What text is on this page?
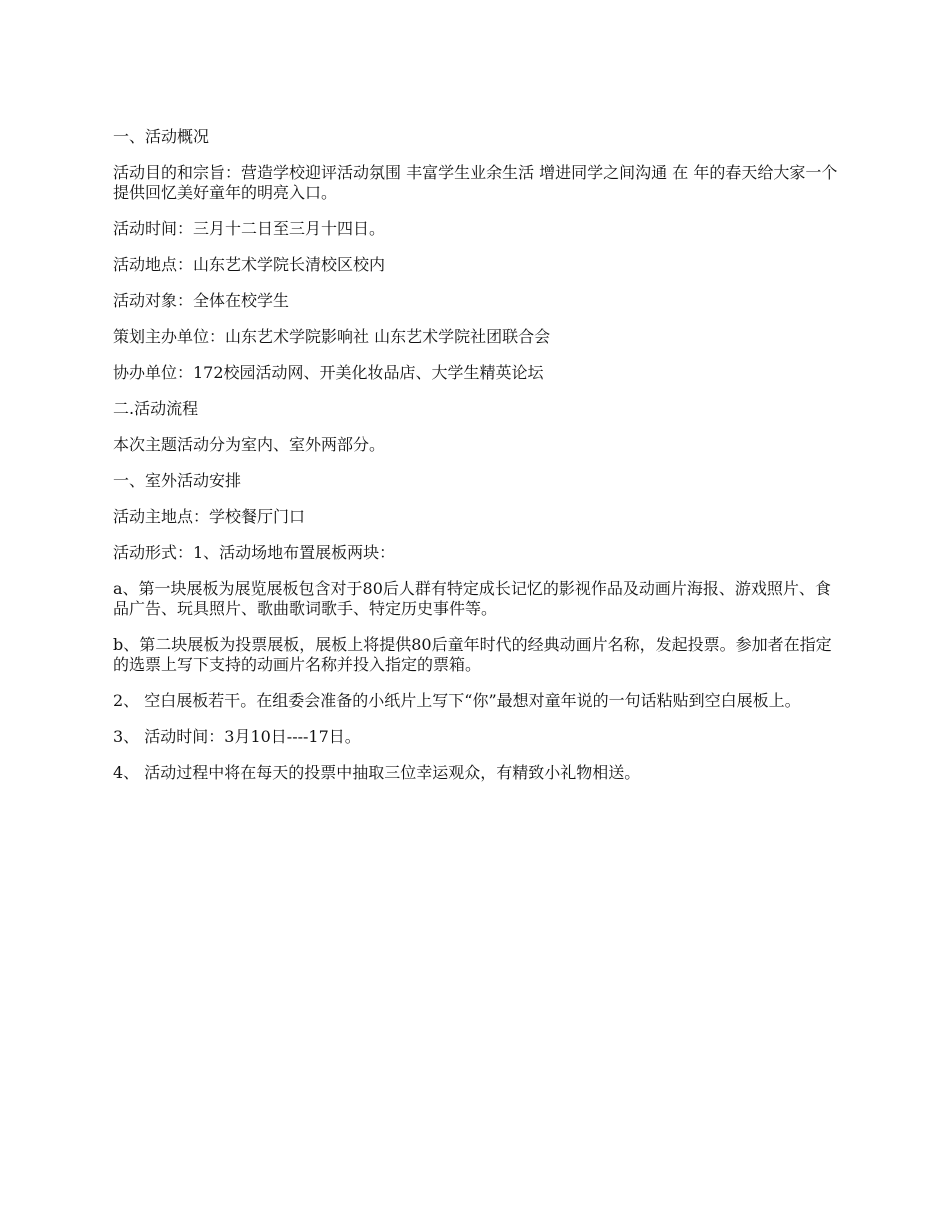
一、活动概况

活动目的和宗旨：营造学校迎评活动氛围 丰富学生业余生活 增进同学之间沟通 在 年的春天给大家一个提供回忆美好童年的明亮入口。

活动时间：三月十二日至三月十四日。

活动地点：山东艺术学院长清校区校内

活动对象：全体在校学生

策划主办单位：山东艺术学院影响社 山东艺术学院社团联合会

协办单位：172校园活动网、开美化妆品店、大学生精英论坛

二.活动流程

本次主题活动分为室内、室外两部分。

一、室外活动安排

活动主地点：学校餐厅门口

活动形式：1、活动场地布置展板两块：

a、第一块展板为展览展板包含对于80后人群有特定成长记忆的影视作品及动画片海报、游戏照片、食品广告、玩具照片、歌曲歌词歌手、特定历史事件等。

b、第二块展板为投票展板，展板上将提供80后童年时代的经典动画片名称，发起投票。参加者在指定的选票上写下支持的动画片名称并投入指定的票箱。

2、 空白展板若干。在组委会准备的小纸片上写下“你”最想对童年说的一句话粘贴到空白展板上。

3、 活动时间：3月10日----17日。

4、 活动过程中将在每天的投票中抽取三位幸运观众，有精致小礼物相送。
